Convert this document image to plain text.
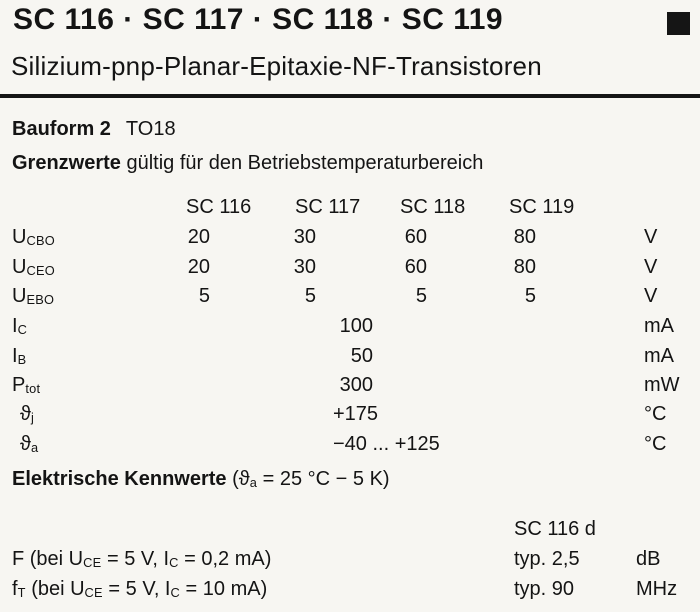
SC 116 · SC 117 · SC 118 · SC 119
Silizium-pnp-Planar-Epitaxie-NF-Transistoren
Bauform 2 TO18
Grenzwerte gültig für den Betriebstemperaturbereich
SC 116 SC 117 SC 118 SC 119
UCBO	20	30	60	80	V
UCEO	20	30	60	80	V
UEBO	5	5	5	5	V
IC	100	mA
IB	50	mA
Ptot	300	mW
ϑj	+175	°C
ϑa	−40 ... +125	°C
Elektrische Kennwerte (ϑa = 25 °C − 5 K)
SC 116 d
F (bei UCE = 5 V, IC = 0,2 mA)	typ. 2,5	dB
fT (bei UCE = 5 V, IC = 10 mA)	typ. 90	MHz
